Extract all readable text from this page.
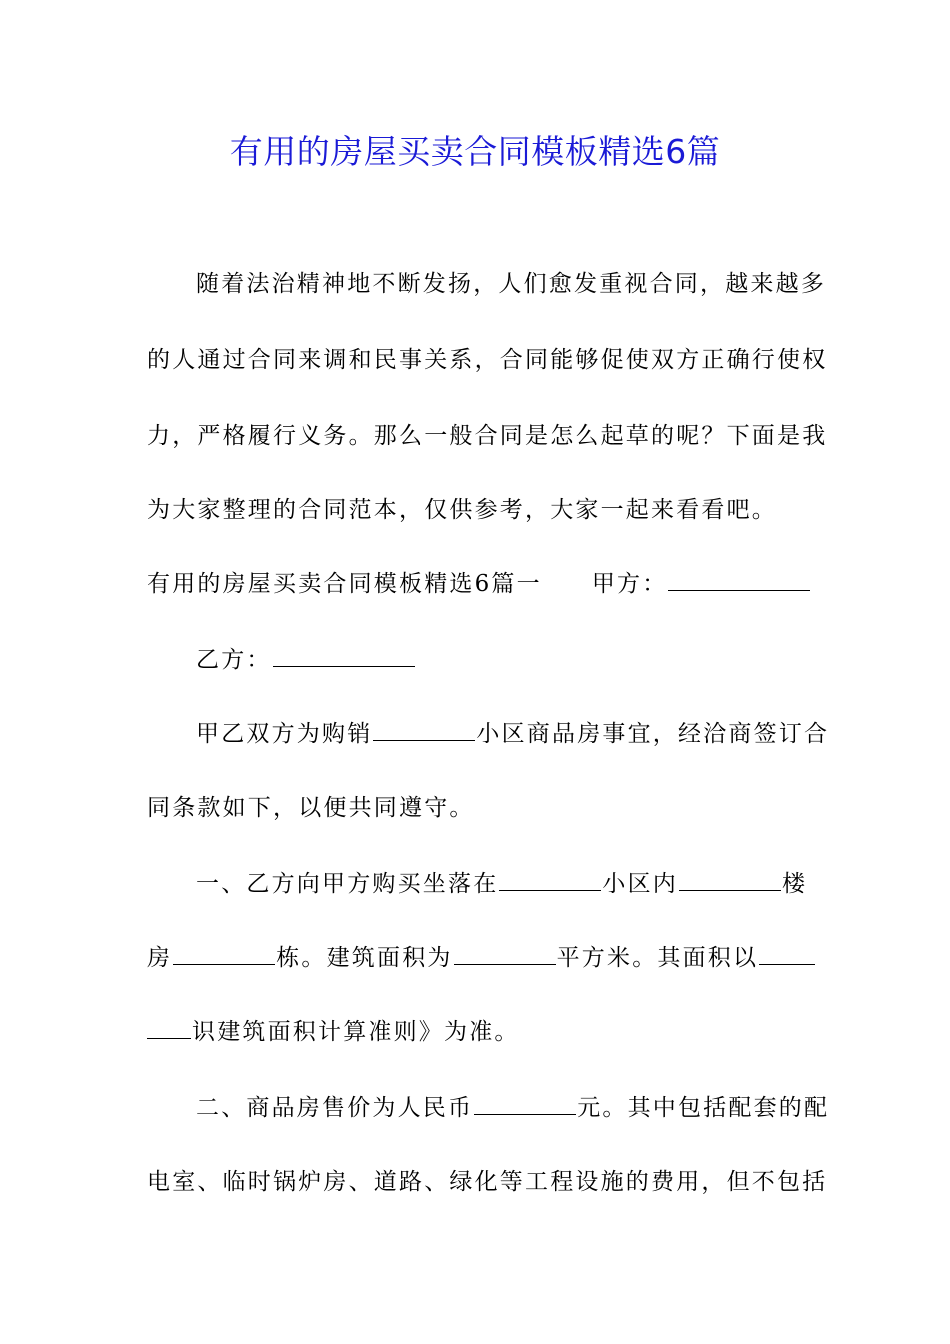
有用的房屋买卖合同模板精选6篇
随着法治精神地不断发扬，人们愈发重视合同，越来越多
的人通过合同来调和民事关系，合同能够促使双方正确行使权
力，严格履行义务。那么一般合同是怎么起草的呢？下面是我
为大家整理的合同范本，仅供参考，大家一起来看看吧。
有用的房屋买卖合同模板精选6篇一 甲方：
乙方：
甲乙双方为购销	小区商品房事宜，经洽商签订合
同条款如下，以便共同遵守。
一、乙方向甲方购买坐落在	小区内	楼
房	栋。建筑面积为	平方米。其面积以
识建筑面积计算准则》为准。
二、商品房售价为人民币	元。其中包括配套的配
电室、临时锅炉房、道路、绿化等工程设施的费用，但不包括
